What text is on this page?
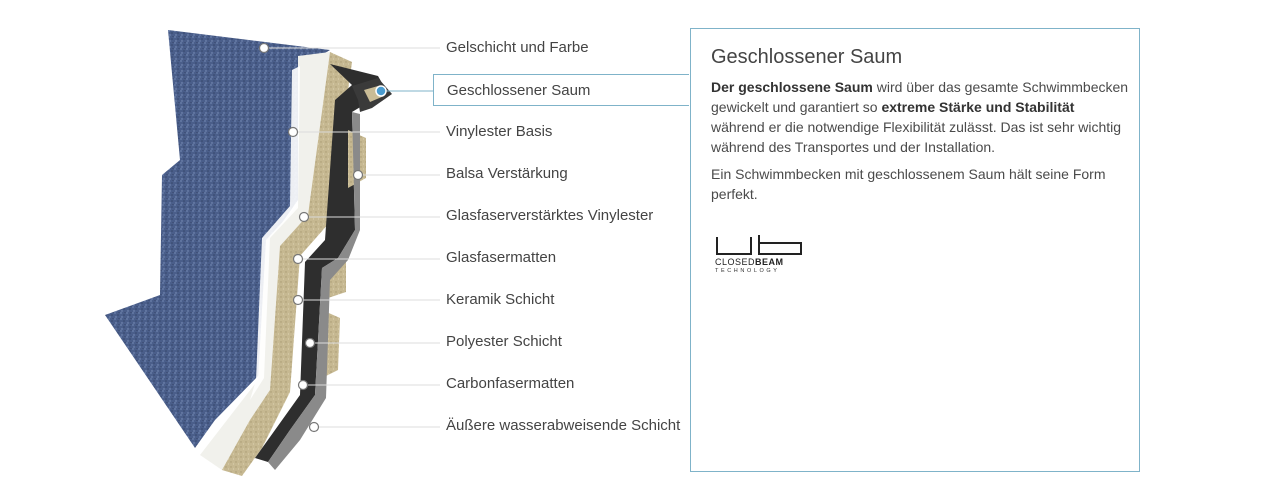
Gelschicht und Farbe
Geschlossener Saum
Vinylester Basis
Balsa Verstärkung
Glasfaserverstärktes Vinylester
Glasfasermatten
Keramik Schicht
Polyester Schicht
Carbonfasermatten
Äußere wasserabweisende Schicht
Geschlossener Saum

Der geschlossene Saum wird über das gesamte Schwimmbecken gewickelt und garantiert so extreme Stärke und Stabilität während er die notwendige Flexibilität zulässt. Das ist sehr wichtig während des Transportes und der Installation.

Ein Schwimmbecken mit geschlossenem Saum hält seine Form perfekt.

cb
CLOSEDBEAM
TECHNOLOGY
